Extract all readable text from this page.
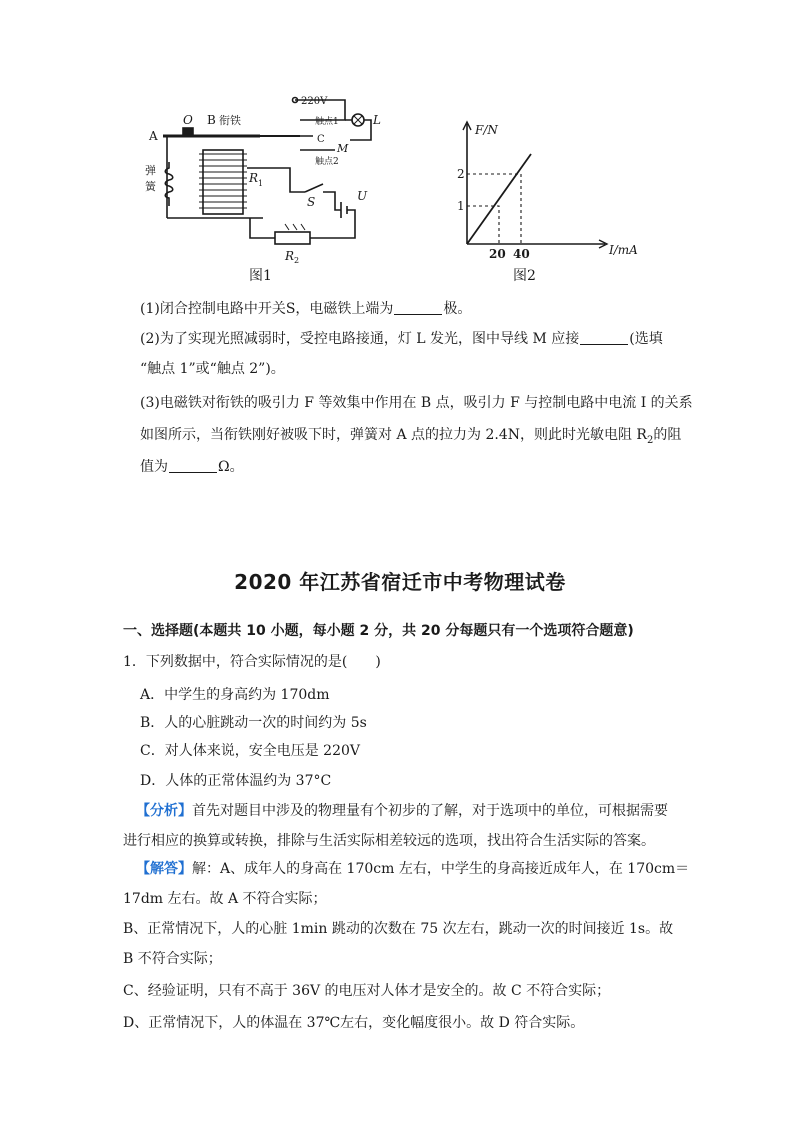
A
O B 衔铁
弹
簧
220V
触点1
C
L
M
触点2
R 1
S	U
R 2
图1
F/N
I/mA
1
2
20 40
图2
(1)闭合控制电路中开关S，电磁铁上端为	极。
(2)为了实现光照减弱时，受控电路接通，灯 L 发光，图中导线 M 应接	(选填
“触点 1”或“触点 2”)。
(3)电磁铁对衔铁的吸引力 F 等效集中作用在 B 点，吸引力 F 与控制电路中电流 I 的关系
如图所示，当衔铁刚好被吸下时，弹簧对 A 点的拉力为 2.4N，则此时光敏电阻 $R_2$的阻
值为	Ω。
2020 年江苏省宿迁市中考物理试卷
一、选择题(本题共 10 小题，每小题 2 分，共 20 分每题只有一个选项符合题意)
1．下列数据中，符合实际情况的是(　　)
A．中学生的身高约为 170dm
B．人的心脏跳动一次的时间约为 5s
C．对人体来说，安全电压是 220V
D．人体的正常体温约为 37°C
【分析】首先对题目中涉及的物理量有个初步的了解，对于选项中的单位，可根据需要
进行相应的换算或转换，排除与生活实际相差较远的选项，找出符合生活实际的答案。
【解答】解：A、成年人的身高在 170cm 左右，中学生的身高接近成年人，在 170cm＝
17dm 左右。故 A 不符合实际；
B、正常情况下，人的心脏 1min 跳动的次数在 75 次左右，跳动一次的时间接近 1s。故
B 不符合实际；
C、经验证明，只有不高于 36V 的电压对人体才是安全的。故 C 不符合实际；
D、正常情况下，人的体温在 37℃左右，变化幅度很小。故 D 符合实际。
